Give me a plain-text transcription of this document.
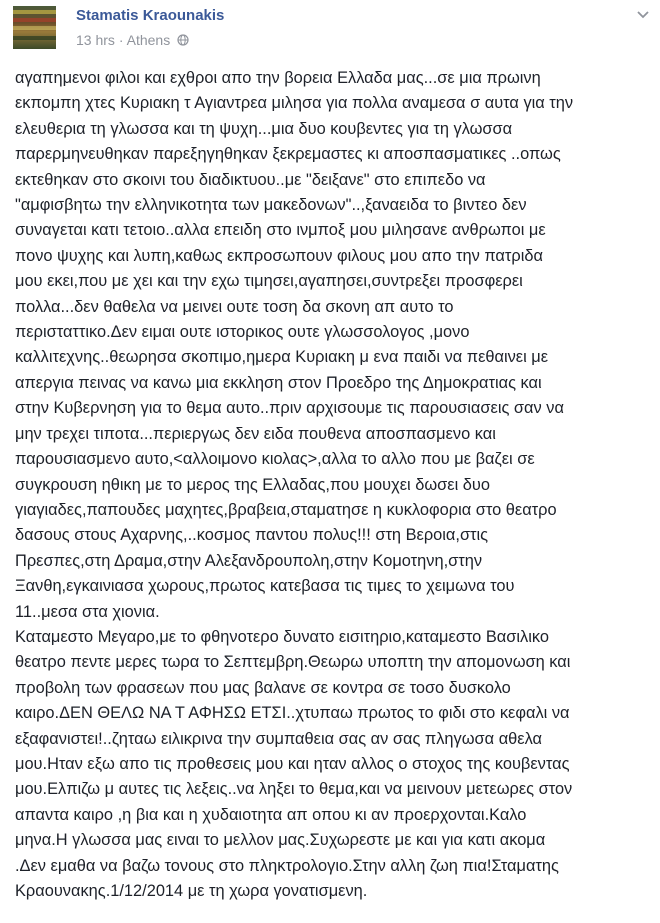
Stamatis Kraounakis
13 hrs · Athens

αγαπημενοι φιλοι και εχθροι απο την βορεια Ελλαδα μας...σε μια πρωινη

εκπομπη χτες Κυριακη τ Αγιαντρεα μιλησα για πολλα αναμεσα σ αυτα για την

ελευθερια τη γλωσσα και τη ψυχη...μια δυο κουβεντες για τη γλωσσα

παρερμηνευθηκαν παρεξηγηθηκαν ξεκρεμαστες κι αποσπασματικες ..οπως

εκτεθηκαν στο σκοινι του διαδικτυου..με "δειξανε" στο επιπεδο να

"αμφισβητω την ελληνικοτητα των μακεδονων"..,ξαναειδα το βιντεο δεν

συναγεται κατι τετοιο..αλλα επειδη στο ινμποξ μου μιλησανε ανθρωποι με

πονο ψυχης και λυπη,καθως εκπροσωπουν φιλους μου απο την πατριδα

μου εκει,που με χει και την εχω τιμησει,αγαπησει,συντρεξει προσφερει

πολλα...δεν θαθελα να μεινει ουτε τοση δα σκονη απ αυτο το

περισταττικο.Δεν ειμαι ουτε ιστορικος ουτε γλωσσολογος ,μονο

καλλιτεχνης..θεωρησα σκοπιμο,ημερα Κυριακη μ ενα παιδι να πεθαινει με

απεργια πεινας να κανω μια εκκληση στον Προεδρο της Δημοκρατιας και

στην Κυβερνηση για το θεμα αυτο..πριν αρχισουμε τις παρουσιασεις σαν να

μην τρεχει τιποτα...περιεργως δεν ειδα πουθενα αποσπασμενο και

παρουσιασμενο αυτο,<αλλοιμονο κιολας>,αλλα το αλλο που με βαζει σε

συγκρουση ηθικη με το μερος της Ελλαδας,που μουχει δωσει δυο

γιαγιαδες,παπουδες μαχητες,βραβεια,σταματησε η κυκλοφορια στο θεατρο

δασους στους Αχαρνης,..κοσμος παντου πολυς!!! στη Βεροια,στις

Πρεσπες,στη Δραμα,στην Αλεξανδρουπολη,στην Κομοτηνη,στην

Ξανθη,εγκαινιασα χωρους,πρωτος κατεβασα τις τιμες το χειμωνα του

11..μεσα στα χιονια.

Καταμεστο Μεγαρο,με το φθηνοτερο δυνατο εισιτηριο,καταμεστο Βασιλικο

θεατρο πεντε μερες τωρα το Σεπτεμβρη.Θεωρω υποπτη την απομονωση και

προβολη των φρασεων που μας βαλανε σε κοντρα σε τοσο δυσκολο

καιρο.ΔΕΝ ΘΕΛΩ ΝΑ Τ ΑΦΗΣΩ ΕΤΣΙ..χτυπαω πρωτος το φιδι στο κεφαλι να

εξαφανιστει!..ζηταω ειλικρινα την συμπαθεια σας αν σας πληγωσα αθελα

μου.Ηταν εξω απο τις προθεσεις μου και ηταν αλλος ο στοχος της κουβεντας

μου.Ελπιζω μ αυτες τις λεξεις..να ληξει το θεμα,και να μεινουν μετεωρες στον

απαντα καιρο ,η βια και η χυδαιοτητα απ οπου κι αν προερχονται.Καλο

μηνα.Η γλωσσα μας ειναι το μελλον μας.Συχωρεστε με και για κατι ακομα

.Δεν εμαθα να βαζω τονους στο πληκτρολογιο.Στην αλλη ζωη πια!Σταματης

Κραουνακης.1/12/2014 με τη χωρα γονατισμενη.
